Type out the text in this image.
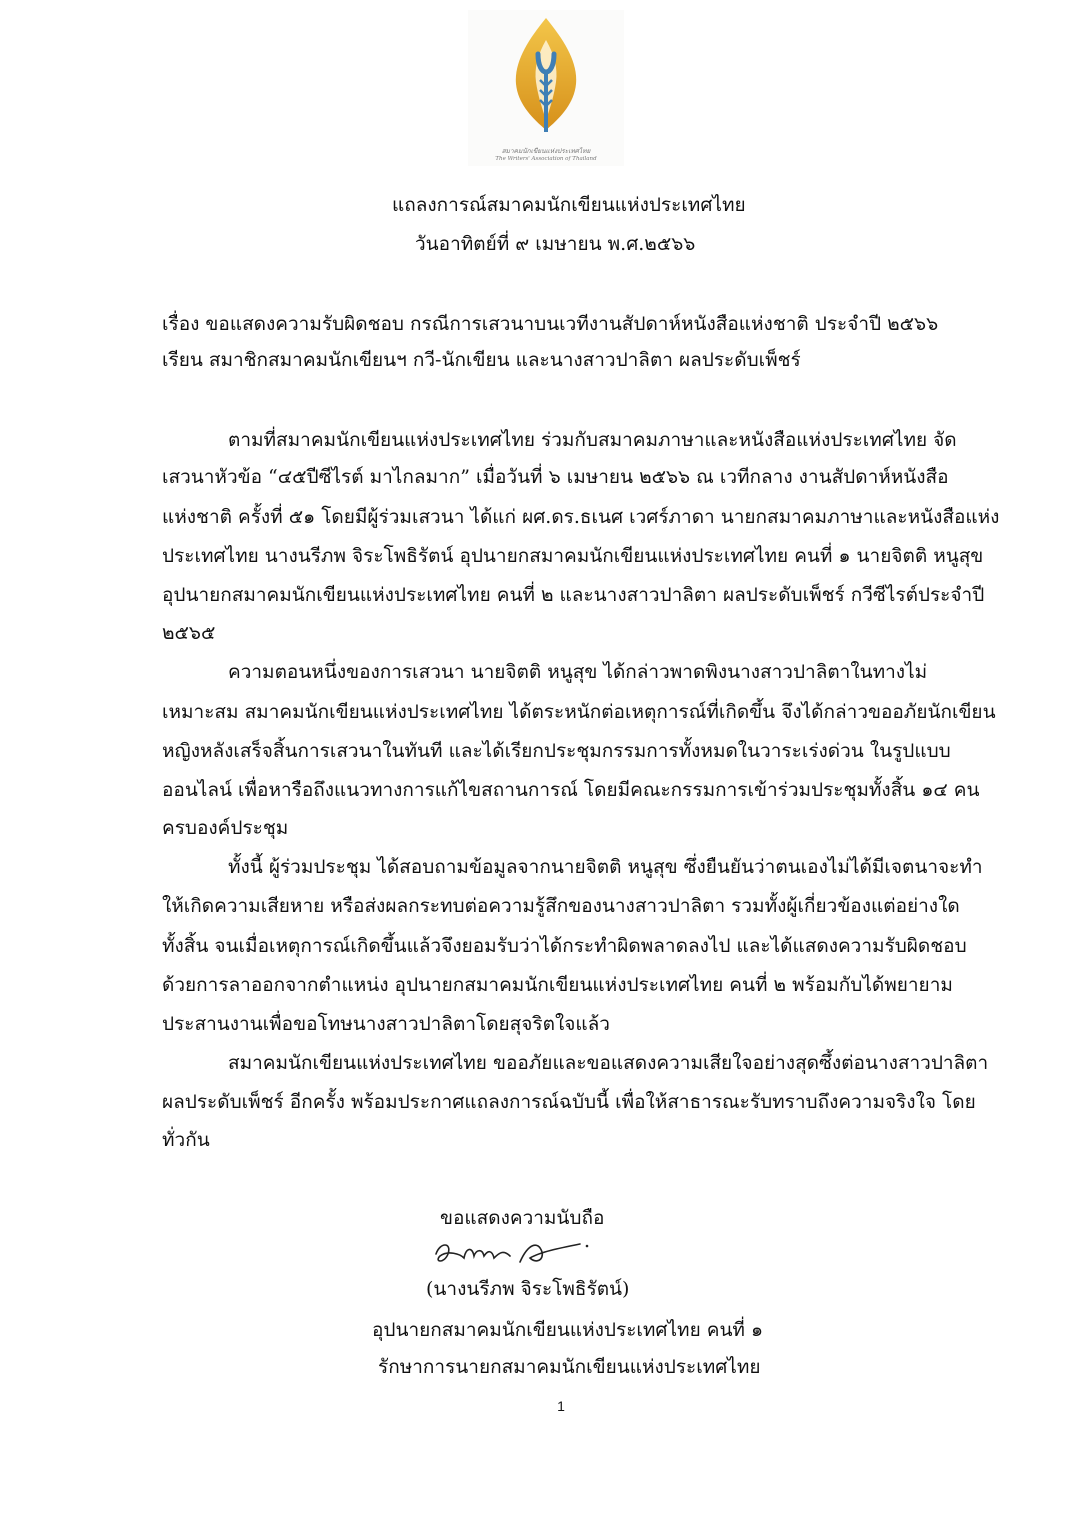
สมาคมนักเขียนแห่งประเทศไทย
The Writers' Association of Thailand
แถลงการณ์สมาคมนักเขียนแห่งประเทศไทย
วันอาทิตย์ที่ ๙ เมษายน พ.ศ.๒๕๖๖
เรื่อง ขอแสดงความรับผิดชอบ กรณีการเสวนาบนเวทีงานสัปดาห์หนังสือแห่งชาติ ประจำปี ๒๕๖๖
เรียน สมาชิกสมาคมนักเขียนฯ กวี-นักเขียน และนางสาวปาลิตา ผลประดับเพ็ชร์
ตามที่สมาคมนักเขียนแห่งประเทศไทย ร่วมกับสมาคมภาษาและหนังสือแห่งประเทศไทย จัด
เสวนาหัวข้อ “๔๕ปีซีไรต์ มาไกลมาก” เมื่อวันที่ ๖ เมษายน ๒๕๖๖ ณ เวทีกลาง งานสัปดาห์หนังสือ
แห่งชาติ ครั้งที่ ๕๑ โดยมีผู้ร่วมเสวนา ได้แก่ ผศ.ดร.ธเนศ เวศร์ภาดา นายกสมาคมภาษาและหนังสือแห่ง
ประเทศไทย นางนรีภพ จิระโพธิรัตน์ อุปนายกสมาคมนักเขียนแห่งประเทศไทย คนที่ ๑ นายจิตติ หนูสุข
อุปนายกสมาคมนักเขียนแห่งประเทศไทย คนที่ ๒ และนางสาวปาลิตา ผลประดับเพ็ชร์ กวีซีไรต์ประจำปี
๒๕๖๕
ความตอนหนึ่งของการเสวนา นายจิตติ หนูสุข ได้กล่าวพาดพิงนางสาวปาลิตาในทางไม่
เหมาะสม สมาคมนักเขียนแห่งประเทศไทย ได้ตระหนักต่อเหตุการณ์ที่เกิดขึ้น จึงได้กล่าวขออภัยนักเขียน
หญิงหลังเสร็จสิ้นการเสวนาในทันที และได้เรียกประชุมกรรมการทั้งหมดในวาระเร่งด่วน ในรูปแบบ
ออนไลน์ เพื่อหารือถึงแนวทางการแก้ไขสถานการณ์ โดยมีคณะกรรมการเข้าร่วมประชุมทั้งสิ้น ๑๔ คน
ครบองค์ประชุม
ทั้งนี้ ผู้ร่วมประชุม ได้สอบถามข้อมูลจากนายจิตติ หนูสุข ซึ่งยืนยันว่าตนเองไม่ได้มีเจตนาจะทำ
ให้เกิดความเสียหาย หรือส่งผลกระทบต่อความรู้สึกของนางสาวปาลิตา รวมทั้งผู้เกี่ยวข้องแต่อย่างใด
ทั้งสิ้น จนเมื่อเหตุการณ์เกิดขึ้นแล้วจึงยอมรับว่าได้กระทำผิดพลาดลงไป และได้แสดงความรับผิดชอบ
ด้วยการลาออกจากตำแหน่ง อุปนายกสมาคมนักเขียนแห่งประเทศไทย คนที่ ๒ พร้อมกับได้พยายาม
ประสานงานเพื่อขอโทษนางสาวปาลิตาโดยสุจริตใจแล้ว
สมาคมนักเขียนแห่งประเทศไทย ขออภัยและขอแสดงความเสียใจอย่างสุดซึ้งต่อนางสาวปาลิตา
ผลประดับเพ็ชร์ อีกครั้ง พร้อมประกาศแถลงการณ์ฉบับนี้ เพื่อให้สาธารณะรับทราบถึงความจริงใจ โดย
ทั่วกัน
ขอแสดงความนับถือ
(นางนรีภพ จิระโพธิรัตน์)
อุปนายกสมาคมนักเขียนแห่งประเทศไทย คนที่ ๑
รักษาการนายกสมาคมนักเขียนแห่งประเทศไทย
1
